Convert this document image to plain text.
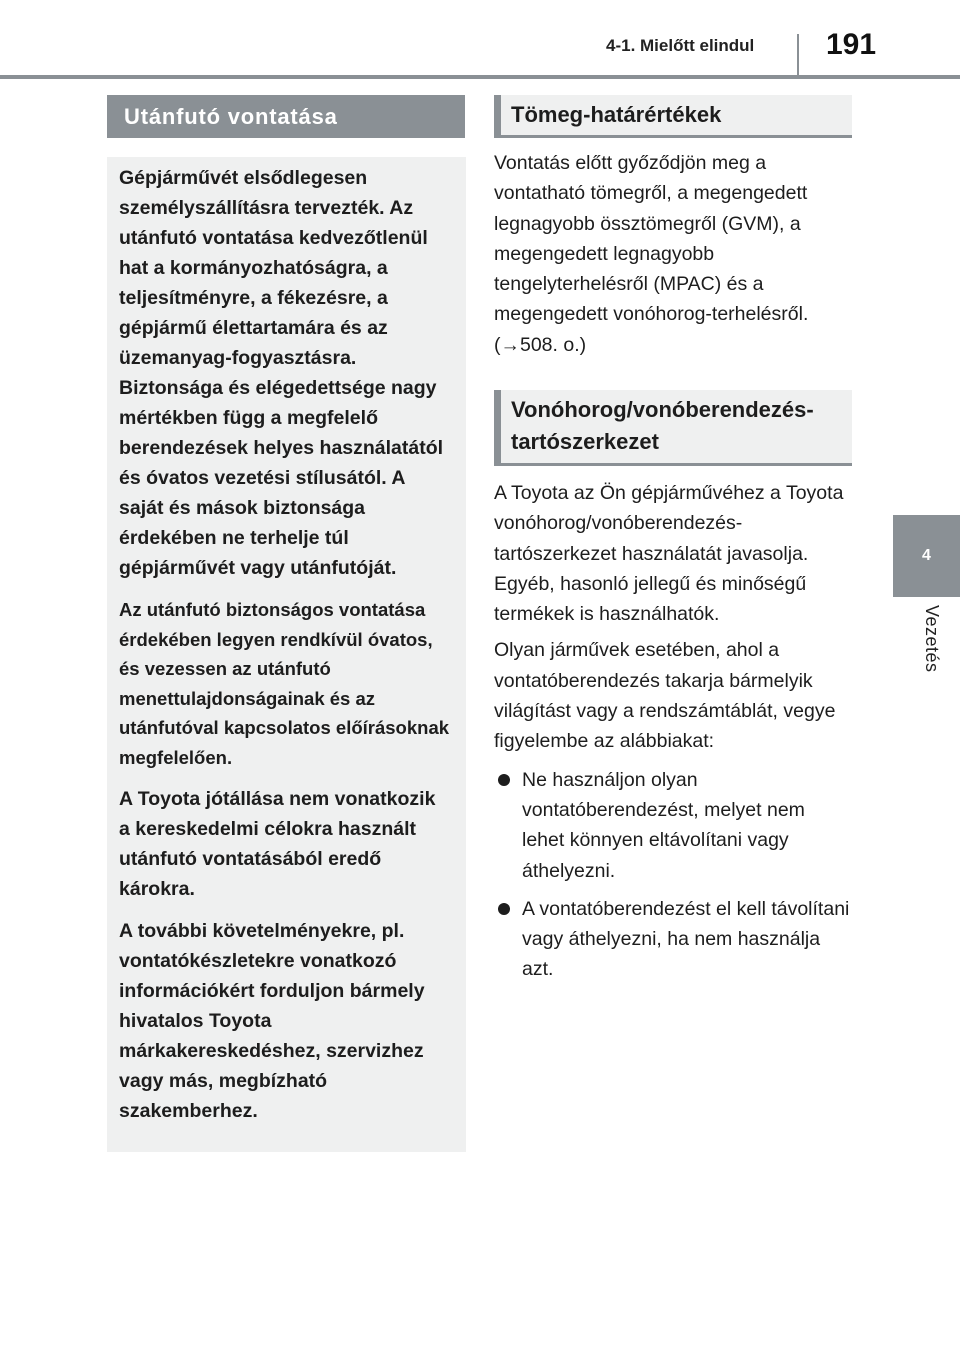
4-1. Mielőtt elindul 191
4
Vezetés
Utánfutó vontatása

Gépjárművét elsődlegesen személyszállításra tervezték. Az utánfutó vontatása kedvezőtlenül hat a kormányozhatóságra, a teljesítményre, a fékezésre, a gépjármű élettartamára és az üzemanyag-fogyasztásra. Biztonsága és elégedettsége nagy mértékben függ a megfelelő berendezések helyes használatától és óvatos vezetési stílusától. A saját és mások biztonsága érdekében ne terhelje túl gépjárművét vagy utánfutóját.

Az utánfutó biztonságos vontatása érdekében legyen rendkívül óvatos, és vezessen az utánfutó menettulajdonságainak és az utánfutóval kapcsolatos előírásoknak megfelelően.

A Toyota jótállása nem vonatkozik a kereskedelmi célokra használt utánfutó vontatásából eredő károkra.

A további követelményekre, pl. vontatókészletekre vonatkozó információkért forduljon bármely hivatalos Toyota márkakereskedéshez, szervizhez vagy más, megbízható szakemberhez.

Tömeg-határértékek

Vontatás előtt győződjön meg a vontatható tömegről, a megengedett legnagyobb össztömegről (GVM), a megengedett legnagyobb tengelyterhelésről (MPAC) és a megengedett vonóhorog-terhelésről. (→508. o.)

Vonóhorog/vonóberendezés-tartószerkezet

A Toyota az Ön gépjárművéhez a Toyota vonóhorog/vonóberendezés-tartószerkezet használatát javasolja. Egyéb, hasonló jellegű és minőségű termékek is használhatók.

Olyan járművek esetében, ahol a vontatóberendezés takarja bármelyik világítást vagy a rendszámtáblát, vegye figyelembe az alábbiakat:

Ne használjon olyan vontatóberendezést, melyet nem lehet könnyen eltávolítani vagy áthelyezni.
A vontatóberendezést el kell távolítani vagy áthelyezni, ha nem használja azt.
